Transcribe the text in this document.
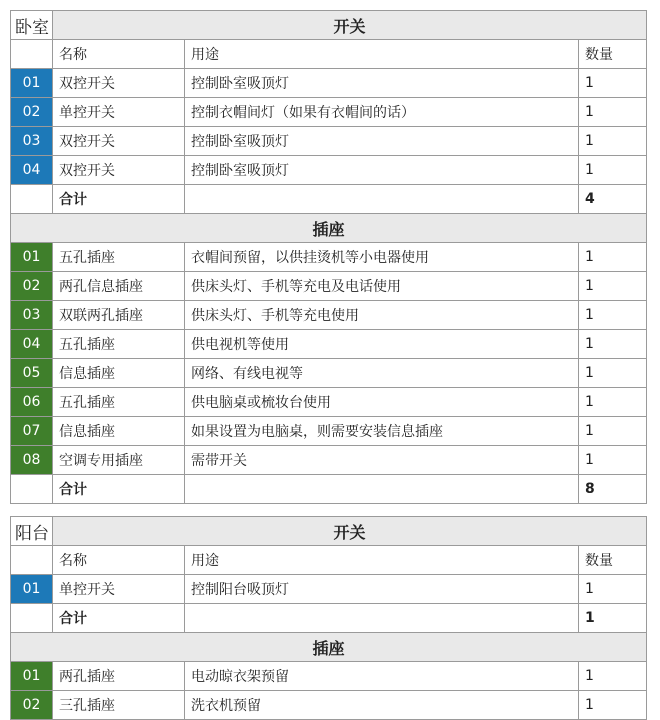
卧室	开关		
	名称	用途	数量
01	双控开关	控制卧室吸顶灯	1
02	单控开关	控制衣帽间灯（如果有衣帽间的话）	1
03	双控开关	控制卧室吸顶灯	1
04	双控开关	控制卧室吸顶灯	1
	合计		4
插座			
01	五孔插座	衣帽间预留，以供挂烫机等小电器使用	1
02	两孔信息插座	供床头灯、手机等充电及电话使用	1
03	双联两孔插座	供床头灯、手机等充电使用	1
04	五孔插座	供电视机等使用	1
05	信息插座	网络、有线电视等	1
06	五孔插座	供电脑桌或梳妆台使用	1
07	信息插座	如果设置为电脑桌，则需要安装信息插座	1
08	空调专用插座	需带开关	1
	合计		8
阳台	开关		
	名称	用途	数量
01	单控开关	控制阳台吸顶灯	1
	合计		1
插座			
01	两孔插座	电动晾衣架预留	1
02	三孔插座	洗衣机预留	1
